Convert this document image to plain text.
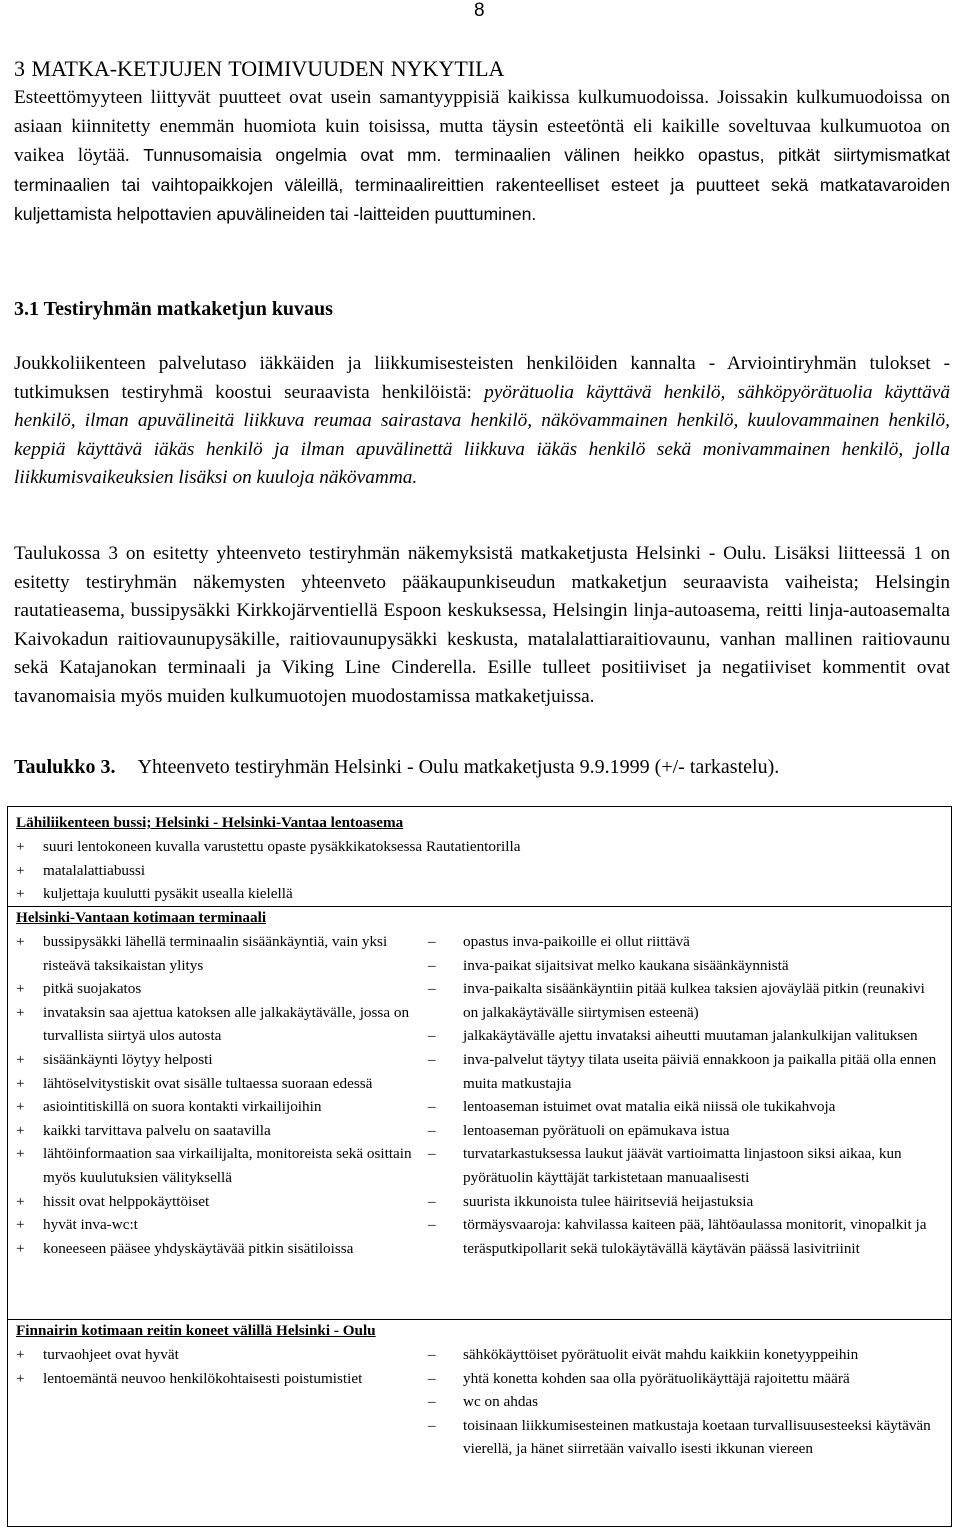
8
3 MATKA-KETJUJEN TOIMIVUUDEN NYKYTILA

Esteettömyyteen liittyvät puutteet ovat usein samantyyppisiä kaikissa kulkumuodoissa. Joissakin kulkumuodoissa on asiaan kiinnitetty enemmän huomiota kuin toisissa, mutta täysin esteetöntä eli kaikille soveltuvaa kulkumuotoa on vaikea löytää. Tunnusomaisia ongelmia ovat mm. terminaalien välinen heikko opastus, pitkät siirtymismatkat terminaalien tai vaihtopaikkojen väleillä, terminaalireittien rakenteelliset esteet ja puutteet sekä matkatavaroiden kuljettamista helpottavien apuvälineiden tai -laitteiden puuttuminen.

3.1 Testiryhmän matkaketjun kuvaus

Joukkoliikenteen palvelutaso iäkkäiden ja liikkumisesteisten henkilöiden kannalta - Arviointiryhmän tulokset -tutkimuksen testiryhmä koostui seuraavista henkilöistä: pyörätuolia käyttävä henkilö, sähköpyörätuolia käyttävä henkilö, ilman apuvälineitä liikkuva reumaa sairastava henkilö, näkövammainen henkilö, kuulovammainen henkilö, keppiä käyttävä iäkäs henkilö ja ilman apuvälinettä liikkuva iäkäs henkilö sekä monivammainen henkilö, jolla liikkumisvaikeuksien lisäksi on kuuloja näkövamma.

Taulukossa 3 on esitetty yhteenveto testiryhmän näkemyksistä matkaketjusta Helsinki - Oulu. Lisäksi liitteessä 1 on esitetty testiryhmän näkemysten yhteenveto pääkaupunkiseudun matkaketjun seuraavista vaiheista; Helsingin rautatieasema, bussipysäkki Kirkkojärventiellä Espoon keskuksessa, Helsingin linja-autoasema, reitti linja-autoasemalta Kaivokadun raitiovaunupysäkille, raitiovaunupysäkki keskusta, matalalattiaraitiovaunu, vanhan mallinen raitiovaunu sekä Katajanokan terminaali ja Viking Line Cinderella. Esille tulleet positiiviset ja negatiiviset kommentit ovat tavanomaisia myös muiden kulkumuotojen muodostamissa matkaketjuissa.

Taulukko 3. Yhteenveto testiryhmän Helsinki - Oulu matkaketjusta 9.9.1999 (+/- tarkastelu).
Lähiliikenteen bussi; Helsinki - Helsinki-Vantaa lentoasema
+ suuri lentokoneen kuvalla varustettu opaste pysäkkikatoksessa Rautatientorilla
+ matalalattiabussi
+ kuljettaja kuulutti pysäkit usealla kielellä
Helsinki-Vantaan kotimaan terminaali
+ bussipysäkki lähellä terminaalin sisäänkäyntiä, vain yksi risteävä taksikaistan ylitys
+ pitkä suojakatos
+ invataksin saa ajettua katoksen alle jalkakäytävälle, jossa on turvallista siirtyä ulos autosta
+ sisäänkäynti löytyy helposti
+ lähtöselvitystiskit ovat sisälle tultaessa suoraan edessä
+ asiointitiskillä on suora kontakti virkailijoihin
+ kaikki tarvittava palvelu on saatavilla
+ lähtöinformaation saa virkailijalta, monitoreista sekä osittain myös kuulutuksien välityksellä
+ hissit ovat helppokäyttöiset
+ hyvät inva-wc:t
+ koneeseen pääsee yhdyskäytävää pitkin sisätiloissa
– opastus inva-paikoille ei ollut riittävä
– inva-paikat sijaitsivat melko kaukana sisäänkäynnistä
– inva-paikalta sisäänkäyntiin pitää kulkea taksien ajoväylää pitkin (reunakivi on jalkakäytävälle siirtymisen esteenä)
– jalkakäytävälle ajettu invataksi aiheutti muutaman jalankulkijan valituksen
– inva-palvelut täytyy tilata useita päiviä ennakkoon ja paikalla pitää olla ennen muita matkustajia
– lentoaseman istuimet ovat matalia eikä niissä ole tukikahvoja
– lentoaseman pyörätuoli on epämukava istua
– turvatarkastuksessa laukut jäävät vartioimatta linjastoon siksi aikaa, kun pyörätuolin käyttäjät tarkistetaan manuaalisesti
– suurista ikkunoista tulee häiritseviä heijastuksia
– törmäysvaaroja: kahvilassa kaiteen pää, lähtöaulassa monitorit, vinopalkit ja teräsputkipollarit sekä tulokäytävällä käytävän päässä lasivitriinit
Finnairin kotimaan reitin koneet välillä Helsinki - Oulu
+ turvaohjeet ovat hyvät
+ lentoemäntä neuvoo henkilökohtaisesti poistumistiet
– sähkökäyttöiset pyörätuolit eivät mahdu kaikkiin konetyyppeihin
– yhtä konetta kohden saa olla pyörätuolikäyttäjä rajoitettu määrä
– wc on ahdas
– toisinaan liikkumisesteinen matkustaja koetaan turvallisuusesteeksi käytävän vierellä, ja hänet siirretään vaivallo isesti ikkunan viereen
